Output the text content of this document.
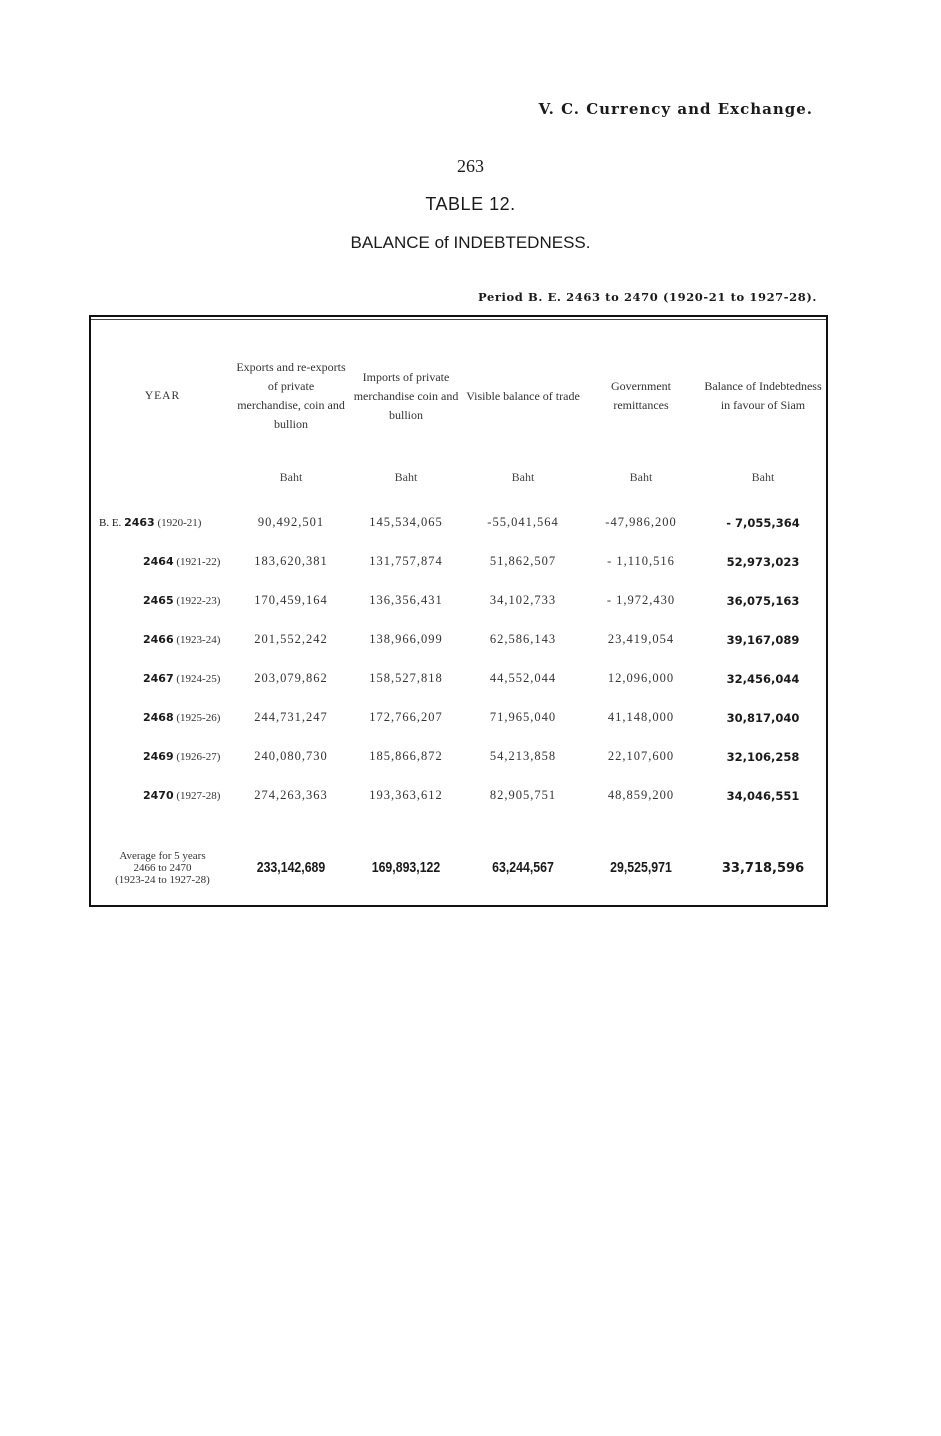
V. C. Currency and Exchange.
263
TABLE 12.
BALANCE of INDEBTEDNESS.
Period B. E. 2463 to 2470 (1920-21 to 1927-28).
YEAR	Exports and re-exports of private merchandise, coin and bullion	Imports of private merchandise coin and bullion	Visible balance of trade	Government remittances	Balance of Indebtedness in favour of Siam
	Baht	Baht	Baht	Baht	Baht
B. E. 2463 (1920-21)	90,492,501	145,534,065	-55,041,564	-47,986,200	- 7,055,364
2464 (1921-22)	183,620,381	131,757,874	51,862,507	- 1,110,516	52,973,023
2465 (1922-23)	170,459,164	136,356,431	34,102,733	- 1,972,430	36,075,163
2466 (1923-24)	201,552,242	138,966,099	62,586,143	23,419,054	39,167,089
2467 (1924-25)	203,079,862	158,527,818	44,552,044	12,096,000	32,456,044
2468 (1925-26)	244,731,247	172,766,207	71,965,040	41,148,000	30,817,040
2469 (1926-27)	240,080,730	185,866,872	54,213,858	22,107,600	32,106,258
2470 (1927-28)	274,263,363	193,363,612	82,905,751	48,859,200	34,046,551

Average for 5 years
2466 to 2470
(1923-24 to 1927-28)	233,142,689	169,893,122	63,244,567	29,525,971	33,718,596
